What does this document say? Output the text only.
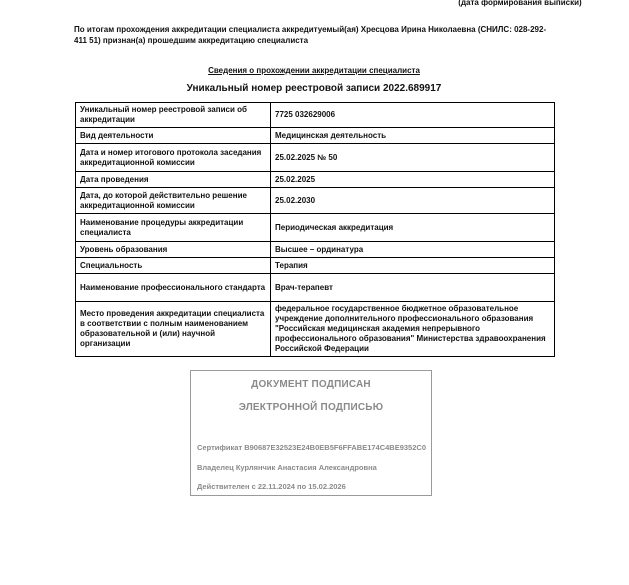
(дата формирования выписки)
По итогам прохождения аккредитации специалиста аккредитуемый(ая) Хресцова Ирина Николаевна (СНИЛС: 028-292-411 51) признан(а) прошедшим аккредитацию специалиста
Сведения о прохождении аккредитации специалиста
Уникальный номер реестровой записи 2022.689917
Уникальный номер реестровой записи об аккредитации	7725 032629006
Вид деятельности	Медицинская деятельность
Дата и номер итогового протокола заседания аккредитационной комиссии	25.02.2025 № 50
Дата проведения	25.02.2025
Дата, до которой действительно решение аккредитационной комиссии	25.02.2030
Наименование процедуры аккредитации специалиста	Периодическая аккредитация
Уровень образования	Высшее – ординатура
Специальность	Терапия
Наименование профессионального стандарта	Врач-терапевт
Место проведения аккредитации специалиста в соответствии с полным наименованием образовательной и (или) научной организации	федеральное государственное бюджетное образовательное учреждение дополнительного профессионального образования "Российская медицинская академия непрерывного профессионального образования" Министерства здравоохранения Российской Федерации
ДОКУМЕНТ ПОДПИСАН
ЭЛЕКТРОННОЙ ПОДПИСЬЮ
Сертификат B90687E32523E24B0EB5F6FFABE174C4BE9352C0
Владелец Курлянчик Анастасия Александровна
Действителен с 22.11.2024 по 15.02.2026
